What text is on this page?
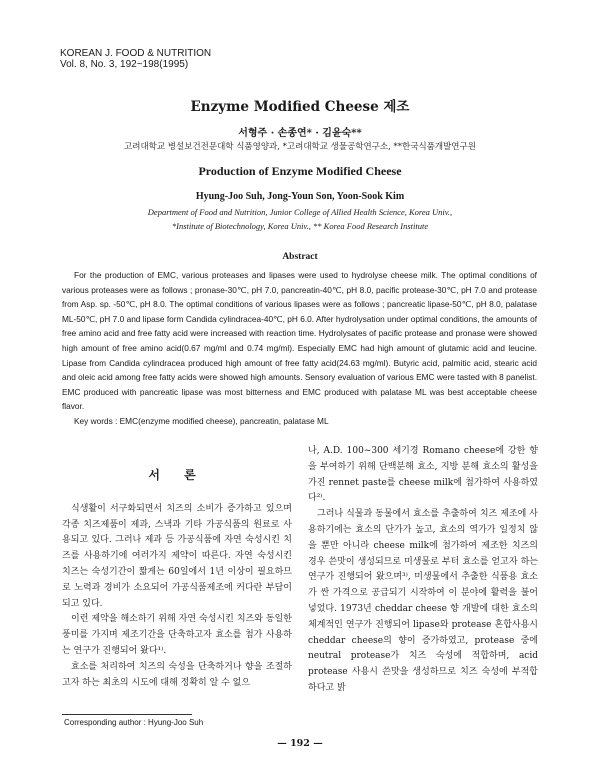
KOREAN J. FOOD & NUTRITION
Vol. 8, No. 3, 192~198(1995)
Enzyme Modified Cheese 제조
서형주 · 손종연* · 김윤숙**
고려대학교 병설보건전문대학 식품영양과, *고려대학교 생물공학연구소, **한국식품개발연구원
Production of Enzyme Modified Cheese
Hyung-Joo Suh, Jong-Youn Son, Yoon-Sook Kim
Department of Food and Nutrition, Junior College of Allied Health Science, Korea Univ.,
*Institute of Biotechnology, Korea Univ., ** Korea Food Research Institute
Abstract

For the production of EMC, various proteases and lipases were used to hydrolyse cheese milk. The optimal conditions of various proteases were as follows ; pronase-30℃, pH 7.0, pancreatin-40℃, pH 8.0, pacific protease-30℃, pH 7.0 and protease from Asp. sp. -50℃, pH 8.0. The optimal conditions of various lipases were as follows ; pancreatic lipase-50℃, pH 8.0, palatase ML-50℃, pH 7.0 and lipase form Candida cylindracea-40℃, pH 6.0. After hydrolysation under optimal conditions, the amounts of free amino acid and free fatty acid were increased with reaction time. Hydrolysates of pacific protease and pronase were showed high amount of free amino acid(0.67 mg/ml and 0.74 mg/ml). Especially EMC had high amount of glutamic acid and leucine. Lipase from Candida cylindracea produced high amount of free fatty acid(24.63 mg/ml). Butyric acid, palmitic acid, stearic acid and oleic acid among free fatty acids were showed high amounts. Sensory evaluation of various EMC were tasted with 8 panelist. EMC produced with pancreatic lipase was most bitterness and EMC produced with palatase ML was best acceptable cheese flavor.

Key words : EMC(enzyme modified cheese), pancreatin, palatase ML

서 론

식생활이 서구화되면서 치즈의 소비가 증가하고 있으며 각종 치즈제품이 제과, 스낵과 기타 가공식품의 원료로 사용되고 있다. 그러나 제과 등 가공식품에 자연 숙성시킨 치즈를 사용하기에 여러가지 제약이 따른다. 자연 숙성시킨 치즈는 숙성기간이 짧게는 60일에서 1년 이상이 필요하므로 노력과 경비가 소요되어 가공식품제조에 커다란 부담이 되고 있다.

이런 제약을 해소하기 위해 자연 숙성시킨 치즈와 동일한 풍미를 가지며 제조기간을 단축하고자 효소를 첨가 사용하는 연구가 진행되어 왔다¹⁾.

효소를 처리하여 치즈의 숙성을 단축하거나 향을 조절하고자 하는 최초의 시도에 대해 정확히 알 수 없으

나, A.D. 100~300 세기경 Romano cheese에 강한 향을 부여하기 위해 단백분해 효소, 지방 분해 효소의 활성을 가진 rennet paste를 cheese milk에 첨가하여 사용하였다²⁾.

그러나 식물과 동물에서 효소를 추출하여 치즈 제조에 사용하기에는 효소의 단가가 높고, 효소의 역가가 일정치 않을 뿐만 아니라 cheese milk에 첨가하여 제조한 치즈의 경우 쓴맛이 생성되므로 미생물로 부터 효소를 얻고자 하는 연구가 진행되어 왔으며³⁾, 미생물에서 추출한 식품용 효소가 싼 가격으로 공급되기 시작하여 이 분야에 활력을 불어 넣었다. 1973년 cheddar cheese 향 개발에 대한 효소의 체계적인 연구가 진행되어 lipase와 protease 혼합사용시 cheddar cheese의 향이 증가하였고, protease 중에 neutral protease가 치즈 숙성에 적합하며, acid protease 사용시 쓴맛을 생성하므로 치즈 숙성에 부적합하다고 밝

Corresponding author : Hyung-Joo Suh
— 192 —
